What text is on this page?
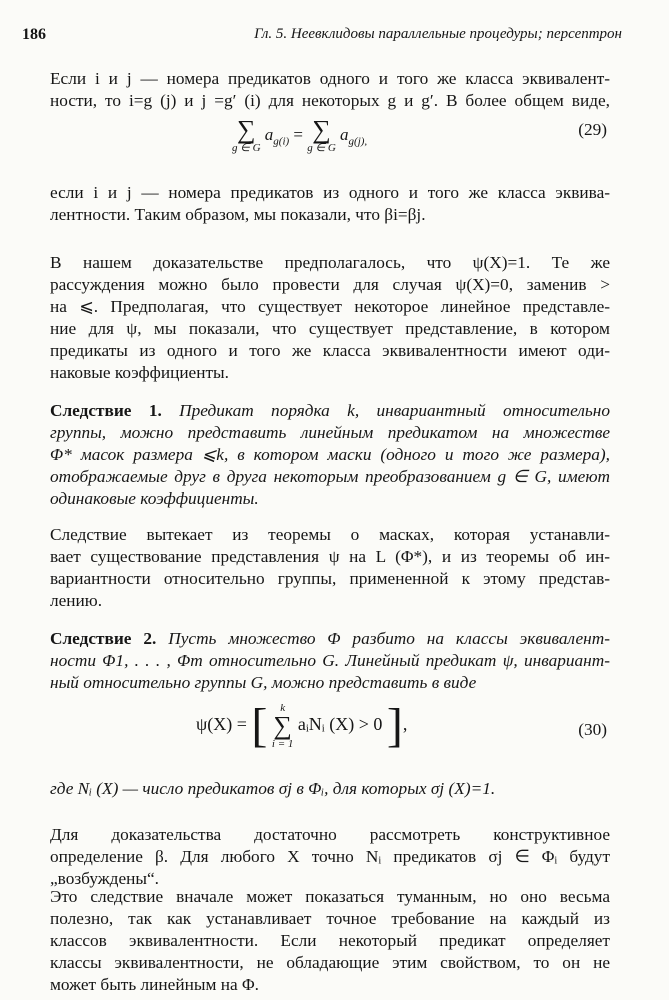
186	Гл. 5. Неевклидовы параллельные процедуры; персептрон
Если i и j — номера предикатов одного и того же класса эквивалент-
ности, то i=g (j) и j =g′ (i) для некоторых g и g′. В более общем виде,
∑
g ∈ G
$a_{g(i)}$ = ∑
g ∈ G
$a_{g(j),}$
(29)
если i и j — номера предикатов из одного и того же класса эквива-
лентности. Таким образом, мы показали, что βi=βj.
В нашем доказательстве предполагалось, что ψ(X)=1. Те же
рассуждения можно было провести для случая ψ(X)=0, заменив >
на ⩽. Предполагая, что существует некоторое линейное представле-
ние для ψ, мы показали, что существует представление, в котором
предикаты из одного и того же класса эквивалентности имеют оди-
наковые коэффициенты.
Следствие 1. Предикат порядка k, инвариантный относительно
группы, можно представить линейным предикатом на множестве
Φ* масок размера ⩽k, в котором маски (одного и того же размера),
отображаемые друг в друга некоторым преобразованием g ∈ G, имеют
одинаковые коэффициенты.
Следствие вытекает из теоремы о масках, которая устанавли-
вает существование представления ψ на L (Φ*), и из теоремы об ин-
вариантности относительно группы, примененной к этому представ-
лению.
Следствие 2. Пусть множество Φ разбито на классы эквивалент-
ности Φ1, . . . , Φm относительно G. Линейный предикат ψ, инвариант-
ный относительно группы G, можно представить в виде
ψ(X) = [	k
∑
i = 1
aᵢNᵢ (X) > 0 ],	(30)
где Nᵢ (X) — число предикатов σj в Φᵢ, для которых σj (X)=1.
Для доказательства достаточно рассмотреть конструктивное
определение β. Для любого X точно Nᵢ предикатов σj ∈ Φᵢ будут
„возбуждены“.
Это следствие вначале может показаться туманным, но оно весьма
полезно, так как устанавливает точное требование на каждый из
классов эквивалентности. Если некоторый предикат определяет
классы эквивалентности, не обладающие этим свойством, то он не
может быть линейным на Φ.
